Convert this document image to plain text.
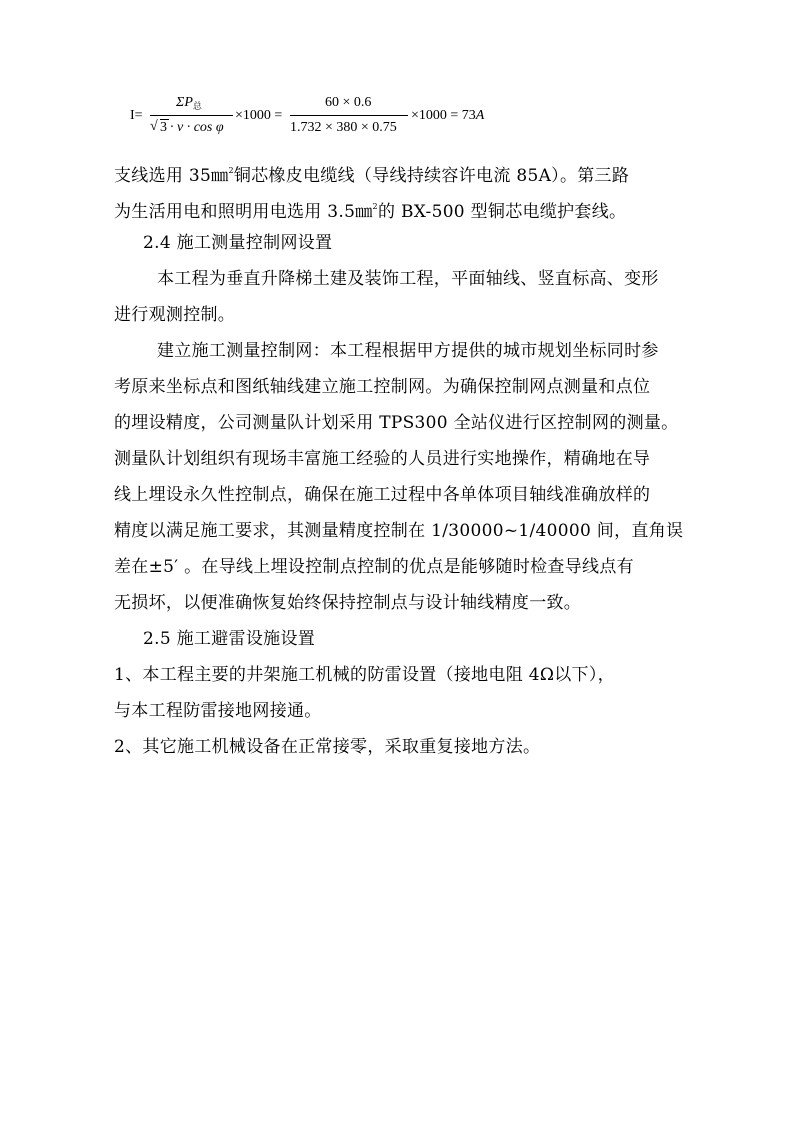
I=
$\Sigma P_总$
√ 3 · v · cos φ
×1000 =
60 × 0.6
1.732 × 380 × 0.75
×1000 = 73A
支线选用 35㎜$^2$铜芯橡皮电缆线（导线持续容许电流 85A）。第三路
为生活用电和照明用电选用 3.5㎜$^2$的 BX-500 型铜芯电缆护套线。
2.4 施工测量控制网设置
本工程为垂直升降梯土建及装饰工程，平面轴线、竖直标高、变形
进行观测控制。
建立施工测量控制网：本工程根据甲方提供的城市规划坐标同时参
考原来坐标点和图纸轴线建立施工控制网。为确保控制网点测量和点位
的埋设精度，公司测量队计划采用 TPS300 全站仪进行区控制网的测量。
测量队计划组织有现场丰富施工经验的人员进行实地操作，精确地在导
线上埋设永久性控制点，确保在施工过程中各单体项目轴线准确放样的
精度以满足施工要求，其测量精度控制在 1/30000~1/40000 间，直角误
差在±5′ 。在导线上埋设控制点控制的优点是能够随时检查导线点有
无损坏，以便准确恢复始终保持控制点与设计轴线精度一致。
2.5 施工避雷设施设置
1、本工程主要的井架施工机械的防雷设置（接地电阻 4Ω以下），
与本工程防雷接地网接通。
2、其它施工机械设备在正常接零，采取重复接地方法。
